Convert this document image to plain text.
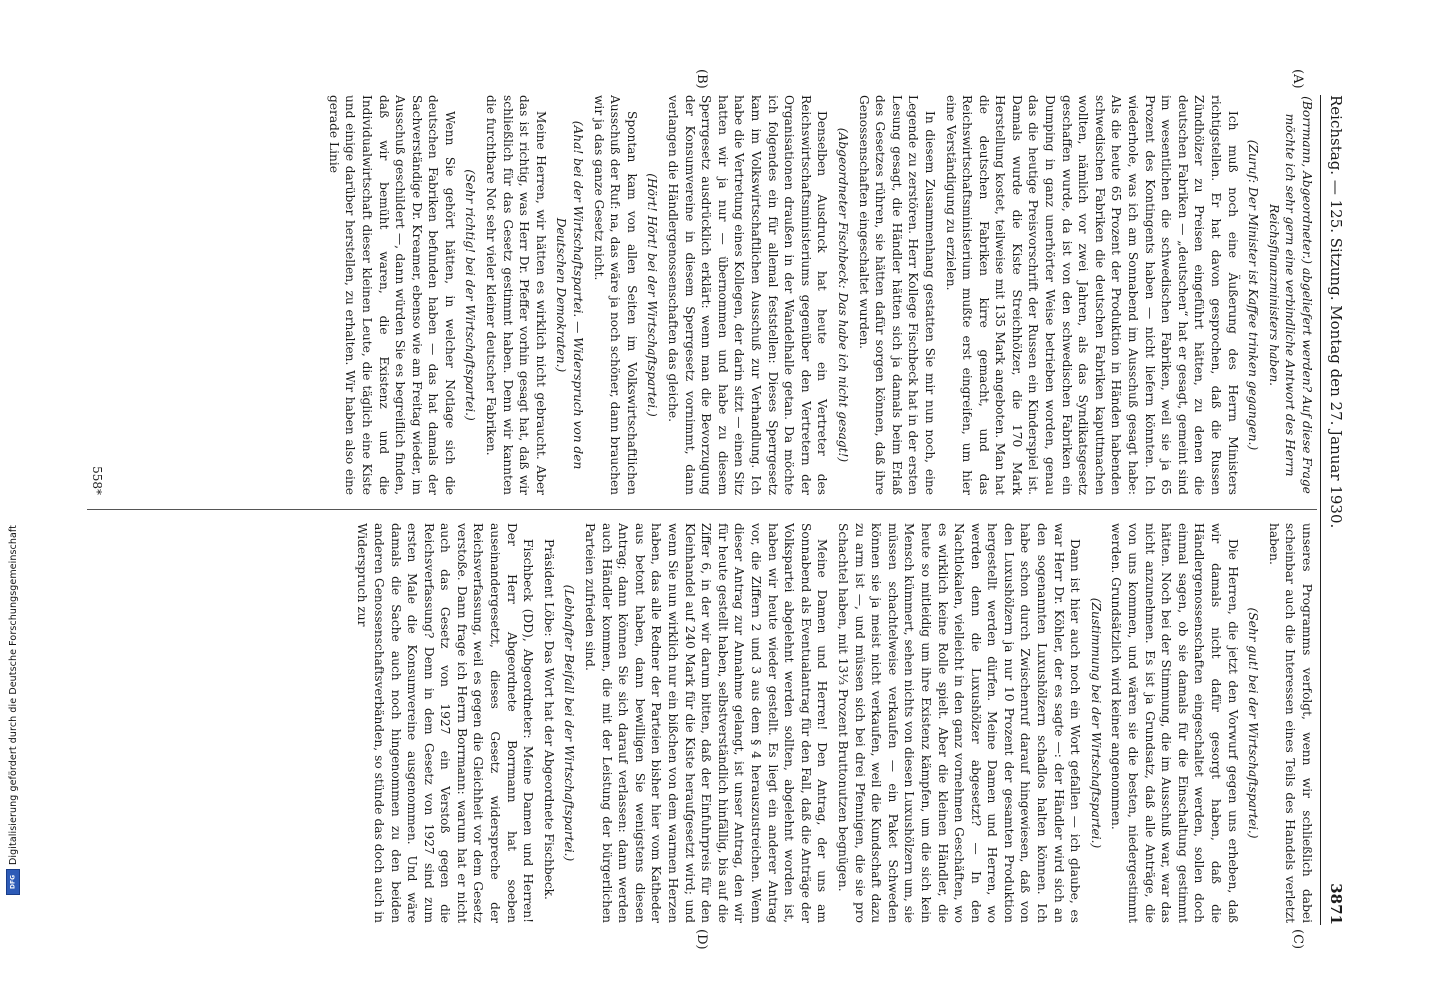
Reichstag. — 125. Sitzung. Montag den 27. Januar 1930.
3871
(A)
(B)
(C)
(D)

(Borrmann, Abgeordneter.) abgeliefert werden? Auf diese Frage möchte ich sehr gern eine verbindliche Antwort des Herrn Reichsfinanzministers haben.

(Zuruf: Der Minister ist Kaffee trinken gegangen.)

Ich muß noch eine Äußerung des Herrn Ministers richtigstellen. Er hat davon gesprochen, daß die Russen Zündhölzer zu Preisen eingeführt hätten, zu denen die deutschen Fabriken — „deutschen“ hat er gesagt, gemeint sind im wesentlichen die schwedischen Fabriken, weil sie ja 65 Prozent des Kontingents haben — nicht liefern könnten. Ich wiederhole, was ich am Sonnabend im Ausschuß gesagt habe: Als die heute 65 Prozent der Produktion in Händen habenden schwedischen Fabriken die deutschen Fabriken kaputtmachen wollten, nämlich vor zwei Jahren, als das Syndikatsgesetz geschaffen wurde, da ist von den schwedischen Fabriken ein Dumping in ganz unerhörter Weise betrieben worden, genau das die heutige Preisvorschrift der Russen ein Kinderspiel ist. Damals wurde die Kiste Streichhölzer, die 170 Mark Herstellung kostet, teilweise mit 135 Mark angeboten. Man hat die deutschen Fabriken kirre gemacht, und das Reichswirtschaftsministerium mußte erst eingreifen, um hier eine Verständigung zu erzielen.

In diesem Zusammenhang gestatten Sie mir nun noch, eine Legende zu zerstören. Herr Kollege Fischbeck hat in der ersten Lesung gesagt, die Händler hätten sich ja damals beim Erlaß des Gesetzes rühren, sie hätten dafür sorgen können, daß ihre Genossenschaften eingeschaltet wurden.

(Abgeordneter Fischbeck: Das habe ich nicht gesagt!)

Denselben Ausdruck hat heute ein Vertreter des Reichswirtschaftsministeriums gegenüber den Vertretern der Organisationen draußen in der Wandelhalle getan. Da möchte ich folgendes ein für allemal feststellen: Dieses Sperrgesetz kam im Volkswirtschaftlichen Ausschuß zur Verhandlung. Ich habe die Vertretung eines Kollegen, der darin sitzt — einen Sitz hatten wir ja nur — übernommen und habe zu diesem Sperrgesetz ausdrücklich erklärt: wenn man die Bevorzugung der Konsumvereine in diesem Sperrgesetz vornimmt, dann verlangen die Händlergenossenschaften das gleiche.

(Hört! Hört! bei der Wirtschaftspartei.)

Spontan kam von allen Seiten im Volkswirtschaftlichen Ausschuß der Ruf: na, das wäre ja noch schöner, dann brauchen wir ja das ganze Gesetz nicht.

(Aha! bei der Wirtschaftspartei. — Widerspruch von den Deutschen Demokraten.)

Meine Herren, wir hätten es wirklich nicht gebraucht. Aber das ist richtig, was Herr Dr. Pfeffer vorhin gesagt hat, daß wir schließlich für das Gesetz gestimmt haben. Denn wir kannten die furchtbare Not sehr vieler kleiner deutscher Fabriken.

(Sehr richtig! bei der Wirtschaftspartei.)

Wenn Sie gehört hätten, in welcher Notlage sich die deutschen Fabriken befunden haben — das hat damals der Sachverständige Dr. Kreamer, ebenso wie am Freitag wieder, im Ausschuß geschildert —, dann würden Sie es begreiflich finden, daß wir bemüht waren, die Existenz und die Individualwirtschaft dieser kleinen Leute, die täglich eine Kiste und einige darüber herstellen, zu erhalten. Wir haben also eine gerade Linie

unseres Programms verfolgt, wenn wir schließlich dabei scheinbar auch die Interessen eines Teils des Handels verletzt haben.

(Sehr gut! bei der Wirtschaftspartei.)

Die Herren, die jetzt den Vorwurf gegen uns erheben, daß wir damals nicht dafür gesorgt haben, daß die Händlergenossenschaften eingeschaltet werden, sollen doch einmal sagen, ob sie damals für die Einschaltung gestimmt hätten. Noch bei der Stimmung, die im Ausschuß war, war das nicht anzunehmen. Es ist ja Grundsatz, daß alle Anträge, die von uns kommen, und wären sie die besten, niedergestimmt werden. Grundsätzlich wird keiner angenommen.

(Zustimmung bei der Wirtschaftspartei.)

Dann ist hier auch noch ein Wort gefallen — ich glaube, es war Herr Dr. Köhler, der es sagte —: der Händler wird sich an den sogenannten Luxushölzern schadlos halten können. Ich habe schon durch Zwischenruf darauf hingewiesen, daß von den Luxushölzern ja nur 10 Prozent der gesamten Produktion hergestellt werden dürfen. Meine Damen und Herren, wo werden denn die Luxushölzer abgesetzt? — In den Nachtlokalen, vielleicht in den ganz vornehmen Geschäften, wo es wirklich keine Rolle spielt. Aber die kleinen Händler, die heute so mitleidig um ihre Existenz kämpfen, um die sich kein Mensch kümmert, sehen nichts von diesen Luxushölzern um, sie müssen schachtelweise verkaufen — ein Paket Schweden können sie ja meist nicht verkaufen, weil die Kundschaft dazu zu arm ist —, und müssen sich bei drei Pfennigen, die sie pro Schachtel haben, mit 13⅓ Prozent Bruttonutzen begnügen.

Meine Damen und Herren! Den Antrag, der uns am Sonnabend als Eventualantrag für den Fall, daß die Anträge der Volkspartei abgelehnt werden sollten, abgelehnt worden ist, haben wir heute wieder gestellt. Es liegt ein anderer Antrag vor, die Ziffern 2 und 3 aus dem § 4 herauszustreichen. Wenn dieser Antrag zur Annahme gelangt, ist unser Antrag, den wir für heute gestellt haben, selbstverständlich hinfällig, bis auf die Ziffer 6, in der wir darum bitten, daß der Einfuhrpreis für den Kleinhandel auf 240 Mark für die Kiste heraufgesetzt wird; und wenn Sie nun wirklich nur ein bißchen von dem warmen Herzen haben, das alle Redner der Parteien bisher hier vom Katheder aus betont haben, dann bewilligen Sie wenigstens diesen Antrag; dann können Sie sich darauf verlassen: dann werden auch Händler kommen, die mit der Leistung der bürgerlichen Parteien zufrieden sind.

(Lebhafter Beifall bei der Wirtschaftspartei.)

Präsident Löbe: Das Wort hat der Abgeordnete Fischbeck.

Fischbeck (DD), Abgeordneter: Meine Damen und Herren! Der Herr Abgeordnete Borrmann hat soeben auseinandergesetzt, dieses Gesetz widerspreche der Reichsverfassung, weil es gegen die Gleichheit vor dem Gesetz verstoße. Dann frage ich Herrn Borrmann: warum hat er nicht auch das Gesetz von 1927 ein Verstoß gegen die Reichsverfassung? Denn in dem Gesetz von 1927 sind zum ersten Male die Konsumvereine ausgenommen. Und wäre damals die Sache auch noch hingenommen zu den beiden anderen Genossenschaftsverbänden, so stünde das doch auch in Widerspruch zur

558*
Digitalisierung gefördert durch die Deutsche Forschungsgemeinschaft
DFG
